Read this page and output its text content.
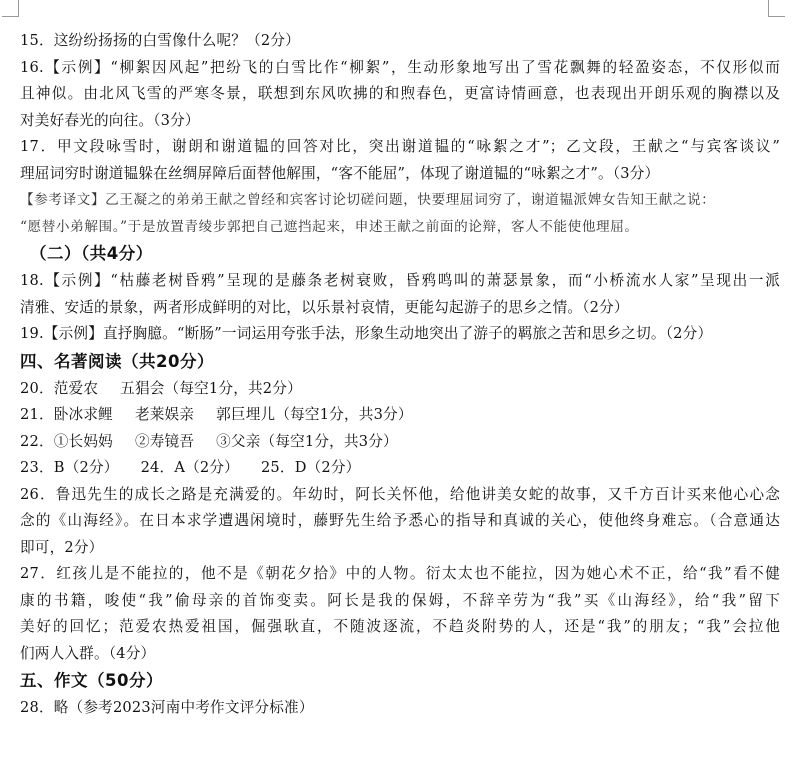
15．这纷纷扬扬的白雪像什么呢？（2分）
16.【示例】“柳絮因风起”把纷飞的白雪比作“柳絮”，生动形象地写出了雪花飘舞的轻盈姿态，不仅形似而
且神似。由北风飞雪的严寒冬景，联想到东风吹拂的和煦春色，更富诗情画意，也表现出开朗乐观的胸襟以及
对美好春光的向往。（3分）
17．甲文段咏雪时，谢朗和谢道韫的回答对比，突出谢道韫的“咏絮之才”；乙文段，王献之“与宾客谈议”
理屈词穷时谢道韫躲在丝绸屏障后面替他解围，“客不能屈”，体现了谢道韫的“咏絮之才”。（3分）
【参考译文】乙王凝之的弟弟王献之曾经和宾客讨论切磋问题，快要理屈词穷了，谢道韫派婢女告知王献之说：
“愿替小弟解围。”于是放置青绫步郭把自己遮挡起来，申述王献之前面的论辩，客人不能使他理屈。
（二）（共4分）
18.【示例】“枯藤老树昏鸦”呈现的是藤条老树衰败，昏鸦鸣叫的萧瑟景象，而“小桥流水人家”呈现出一派
清雅、安适的景象，两者形成鲜明的对比，以乐景衬哀情，更能勾起游子的思乡之情。（2分）
19.【示例】直抒胸臆。“断肠”一词运用夸张手法，形象生动地突出了游子的羁旅之苦和思乡之切。（2分）
四、名著阅读（共20分）
20．范爱农 五猖会（每空1分，共2分）
21．卧冰求鲤 老莱娱亲 郭巨埋儿（每空1分，共3分）
22．①长妈妈 ②寿镜吾 ③父亲（每空1分，共3分）
23．B（2分） 24．A（2分） 25．D（2分）
26．鲁迅先生的成长之路是充满爱的。年幼时，阿长关怀他，给他讲美女蛇的故事，又千方百计买来他心心念
念的《山海经》。在日本求学遭遇闲境时，藤野先生给予悉心的指导和真诚的关心，使他终身难忘。（合意通达
即可，2分）
27．红孩儿是不能拉的，他不是《朝花夕拾》中的人物。衍太太也不能拉，因为她心术不正，给“我”看不健
康的书籍，唆使“我”偷母亲的首饰变卖。阿长是我的保姆，不辞辛劳为“我”买《山海经》，给“我”留下
美好的回忆；范爱农热爱祖国，倔强耿直，不随波逐流，不趋炎附势的人，还是“我”的朋友；“我”会拉他
们两人入群。（4分）
五、作文（50分）
28．略（参考2023河南中考作文评分标准）
